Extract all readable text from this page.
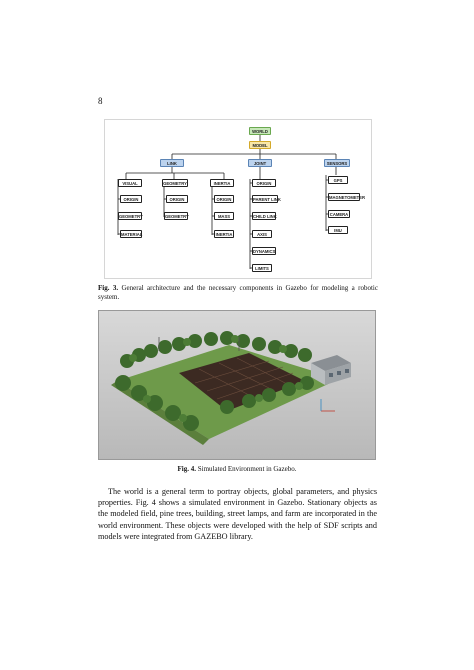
8
WORLD
MODEL
LINK	JOINT	SENSORS
VISUAL
ORIGIN
GEOMETRY
MATERIAL
GEOMETRY
ORIGIN
GEOMETRY
INERTIA
ORIGIN
MASS
INERTIA
ORIGIN
PARENT LINK
CHILD LINK
AXIS
DYNAMICS
LIMITS
GPS
MAGNETOMETER
CAMERA
IMU
Fig. 3. General architecture and the necessary components in Gazebo for modeling a robotic system.
Fig. 4. Simulated Environment in Gazebo.

The world is a general term to portray objects, global parameters, and physics properties. Fig. 4 shows a simulated environment in Gazebo. Stationary objects as the modeled field, pine trees, building, street lamps, and farm are incorporated in the world environment. These objects were developed with the help of SDF scripts and models were integrated from GAZEBO library.
